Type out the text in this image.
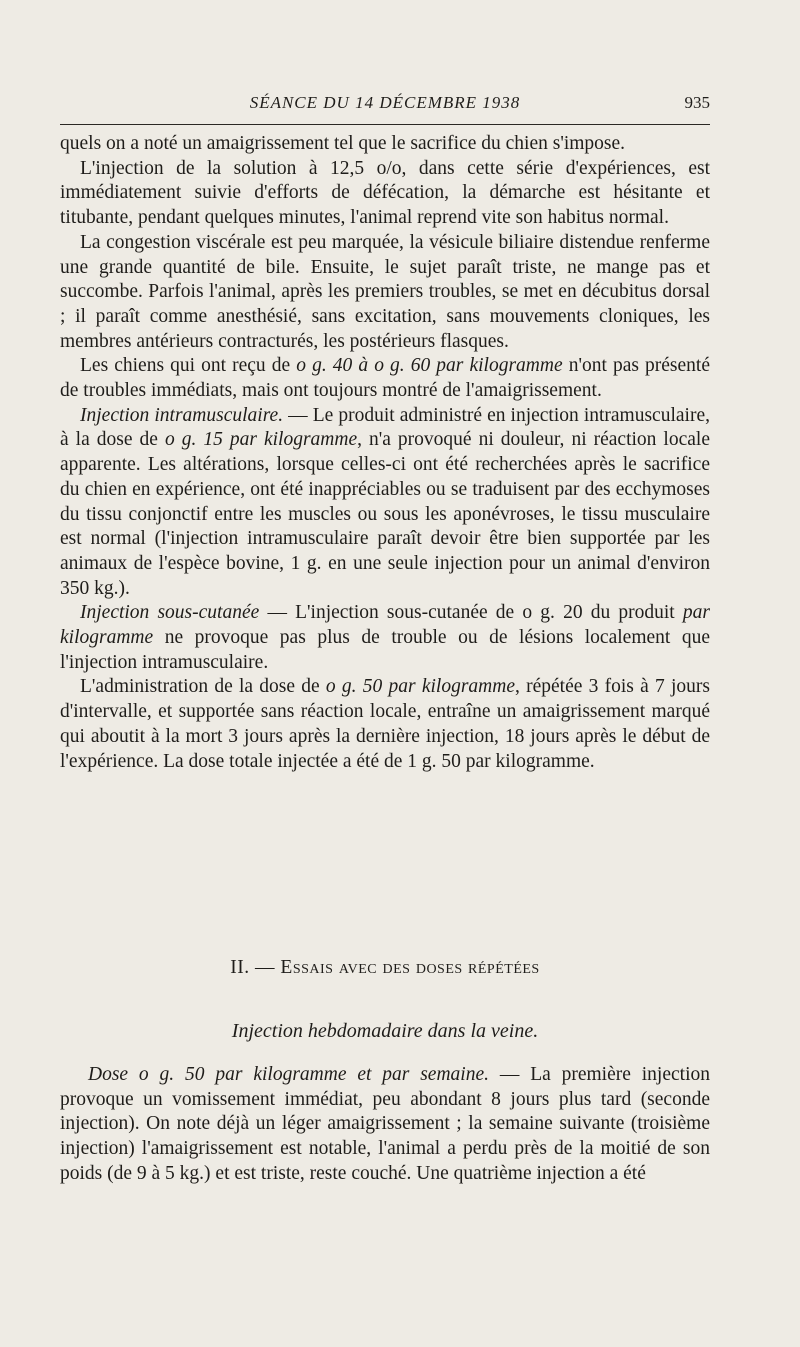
SÉANCE DU 14 DÉCEMBRE 1938	935

quels on a noté un amaigrissement tel que le sacrifice du chien s'impose.

L'injection de la solution à 12,5 o/o, dans cette série d'expériences, est immédiatement suivie d'efforts de défécation, la démarche est hésitante et titubante, pendant quelques minutes, l'animal reprend vite son habitus normal.

La congestion viscérale est peu marquée, la vésicule biliaire distendue renferme une grande quantité de bile. Ensuite, le sujet paraît triste, ne mange pas et succombe. Parfois l'animal, après les premiers troubles, se met en décubitus dorsal ; il paraît comme anesthésié, sans excitation, sans mouvements cloniques, les membres antérieurs contracturés, les postérieurs flasques.

Les chiens qui ont reçu de o g. 40 à o g. 60 par kilogramme n'ont pas présenté de troubles immédiats, mais ont toujours montré de l'amaigrissement.

Injection intramusculaire. — Le produit administré en injection intramusculaire, à la dose de o g. 15 par kilogramme, n'a provoqué ni douleur, ni réaction locale apparente. Les altérations, lorsque celles-ci ont été recherchées après le sacrifice du chien en expérience, ont été inappréciables ou se traduisent par des ecchymoses du tissu conjonctif entre les muscles ou sous les aponévroses, le tissu musculaire est normal (l'injection intramusculaire paraît devoir être bien supportée par les animaux de l'espèce bovine, 1 g. en une seule injection pour un animal d'environ 350 kg.).

Injection sous-cutanée — L'injection sous-cutanée de o g. 20 du produit par kilogramme ne provoque pas plus de trouble ou de lésions localement que l'injection intramusculaire.

L'administration de la dose de o g. 50 par kilogramme, répétée 3 fois à 7 jours d'intervalle, et supportée sans réaction locale, entraîne un amaigrissement marqué qui aboutit à la mort 3 jours après la dernière injection, 18 jours après le début de l'expérience. La dose totale injectée a été de 1 g. 50 par kilogramme.

II. — Essais avec des doses répétées
Injection hebdomadaire dans la veine.

Dose o g. 50 par kilogramme et par semaine. — La première injection provoque un vomissement immédiat, peu abondant 8 jours plus tard (seconde injection). On note déjà un léger amaigrissement ; la semaine suivante (troisième injection) l'amaigrissement est notable, l'animal a perdu près de la moitié de son poids (de 9 à 5 kg.) et est triste, reste couché. Une quatrième injection a été
